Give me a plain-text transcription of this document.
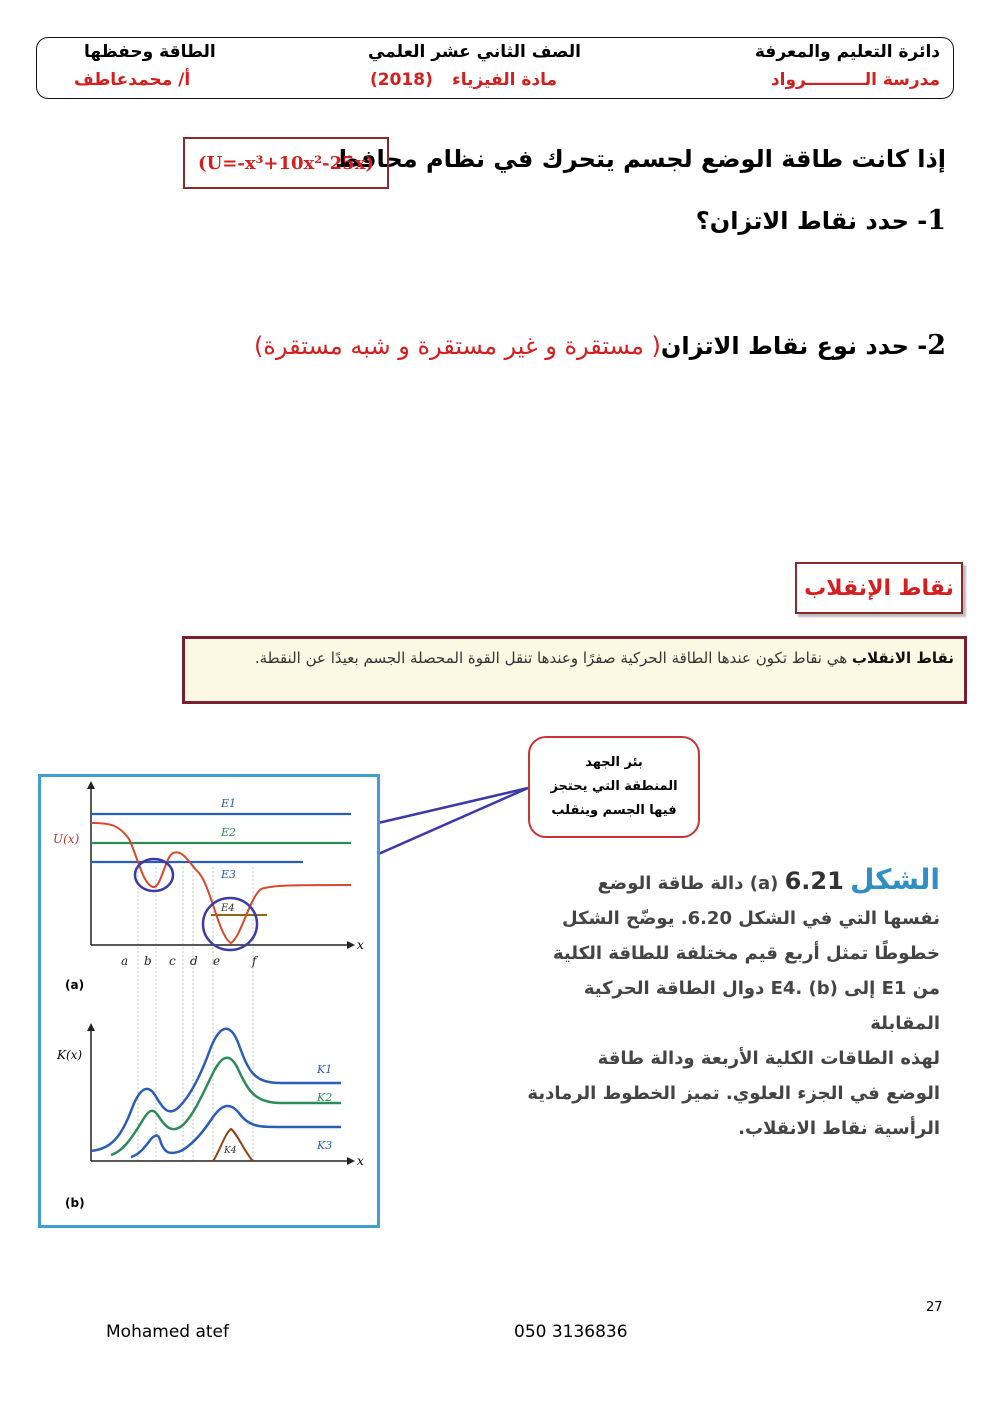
دائرة التعليم والمعرفة
مدرسة الــــــــــرواد
الصف الثاني عشر العلمي
مادة الفيزياء
(2018)
الطاقة وحفظها
أ/ محمدعاطف
إذا كانت طاقة الوضع لجسم يتحرك في نظام محافظ
(U=-x³+10x²-25x)
1- حدد نقاط الاتزان؟
2- حدد نوع نقاط الاتزان( مستقرة و غير مستقرة و شبه مستقرة)
نقاط الإنقلاب
نقاط الانقلاب هي نقاط تكون عندها الطاقة الحركية صفرًا وعندها تنقل القوة المحصلة الجسم بعيدًا عن النقطة.
بئر الجهد
المنطقة التي يحتجز
فيها الجسم وينقلب
x
U(x)
E1
E2
E3
E4
a b c d e	f
(a)
x
K(x)
K1
K2
K3
K4
(b)
الشكل 6.21 (a) دالة طاقة الوضع
نفسها التي في الشكل 6.20. يوضّح الشكل
خطوطًا تمثل أربع قيم مختلفة للطاقة الكلية
من E1 إلى E4. (b) دوال الطاقة الحركية
المقابلة
لهذه الطاقات الكلية الأربعة ودالة طاقة
الوضع في الجزء العلوي. تميز الخطوط الرمادية
الرأسية نقاط الانقلاب.
27
Mohamed atef	050 3136836
